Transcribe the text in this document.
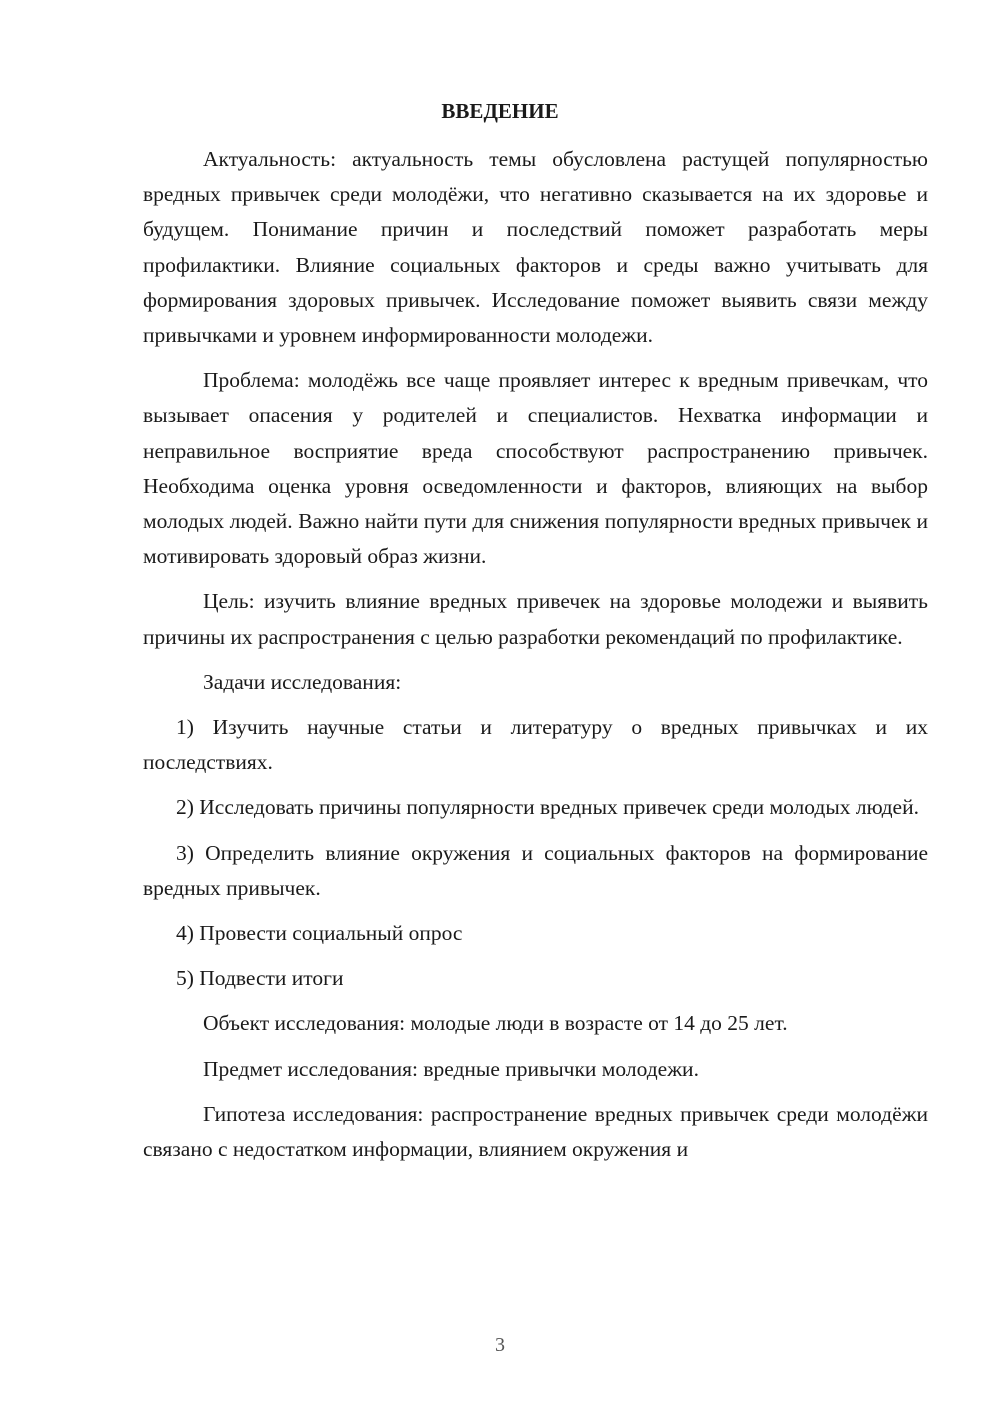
ВВЕДЕНИЕ

Актуальность: актуальность темы обусловлена растущей популярностью вредных привычек среди молодёжи, что негативно сказывается на их здоровье и будущем. Понимание причин и последствий поможет разработать меры профилактики. Влияние социальных факторов и среды важно учитывать для формирования здоровых привычек. Исследование поможет выявить связи между привычками и уровнем информированности молодежи.

Проблема: молодёжь все чаще проявляет интерес к вредным привечкам, что вызывает опасения у родителей и специалистов. Нехватка информации и неправильное восприятие вреда способствуют распространению привычек. Необходима оценка уровня осведомленности и факторов, влияющих на выбор молодых людей. Важно найти пути для снижения популярности вредных привычек и мотивировать здоровый образ жизни.

Цель: изучить влияние вредных привечек на здоровье молодежи и выявить причины их распространения с целью разработки рекомендаций по профилактике.

Задачи исследования:

1) Изучить научные статьи и литературу о вредных привычках и их последствиях.

2) Исследовать причины популярности вредных привечек среди молодых людей.

3) Определить влияние окружения и социальных факторов на формирование вредных привычек.

4) Провести социальный опрос

5) Подвести итоги

Объект исследования: молодые люди в возрасте от 14 до 25 лет.

Предмет исследования: вредные привычки молодежи.

Гипотеза исследования: распространение вредных привычек среди молодёжи связано с недостатком информации, влиянием окружения и

3
